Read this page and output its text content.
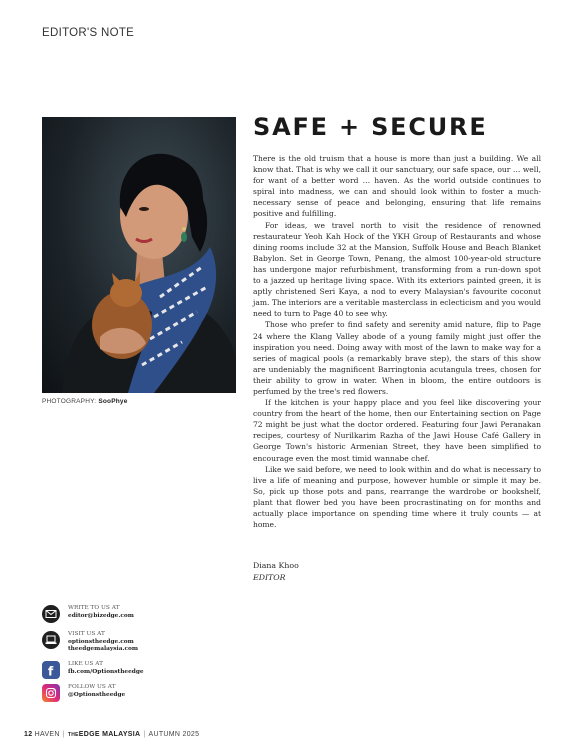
EDITOR'S NOTE
PHOTOGRAPHY: SooPhye
SAFE + SECURE

There is the old truism that a house is more than just a building. We all know that. That is why we call it our sanctuary, our safe space, our … well, for want of a better word … haven. As the world outside continues to spiral into madness, we can and should look within to foster a much-necessary sense of peace and belonging, ensuring that life remains positive and fulfilling.

For ideas, we travel north to visit the residence of renowned restaurateur Yeoh Kah Hock of the YKH Group of Restaurants and whose dining rooms include 32 at the Mansion, Suffolk House and Beach Blanket Babylon. Set in George Town, Penang, the almost 100-year-old structure has undergone major refurbishment, transforming from a run-down spot to a jazzed up heritage living space. With its exteriors painted green, it is aptly christened Seri Kaya, a nod to every Malaysian's favourite coconut jam. The interiors are a veritable masterclass in eclecticism and you would need to turn to Page 40 to see why.

Those who prefer to find safety and serenity amid nature, flip to Page 24 where the Klang Valley abode of a young family might just offer the inspiration you need. Doing away with most of the lawn to make way for a series of magical pools (a remarkably brave step), the stars of this show are undeniably the magnificent Barringtonia acutangula trees, chosen for their ability to grow in water. When in bloom, the entire outdoors is perfumed by the tree's red flowers.

If the kitchen is your happy place and you feel like discovering your country from the heart of the home, then our Entertaining section on Page 72 might be just what the doctor ordered. Featuring four Jawi Peranakan recipes, courtesy of Nurilkarim Razha of the Jawi House Café Gallery in George Town's historic Armenian Street, they have been simplified to encourage even the most timid wannabe chef.

Like we said before, we need to look within and do what is necessary to live a life of meaning and purpose, however humble or simple it may be. So, pick up those pots and pans, rearrange the wardrobe or bookshelf, plant that flower bed you have been procrastinating on for months and actually place importance on spending time where it truly counts — at home.

Diana Khoo
EDITOR
WRITE TO US AT
editor@bizedge.com
VISIT US AT
optionstheedge.com
theedgemalaysia.com
f
LIKE US AT
fb.com/Optionstheedge
FOLLOW US AT
@Optionstheedge
12 HAVEN | THEEDGE MALAYSIA | AUTUMN 2025
